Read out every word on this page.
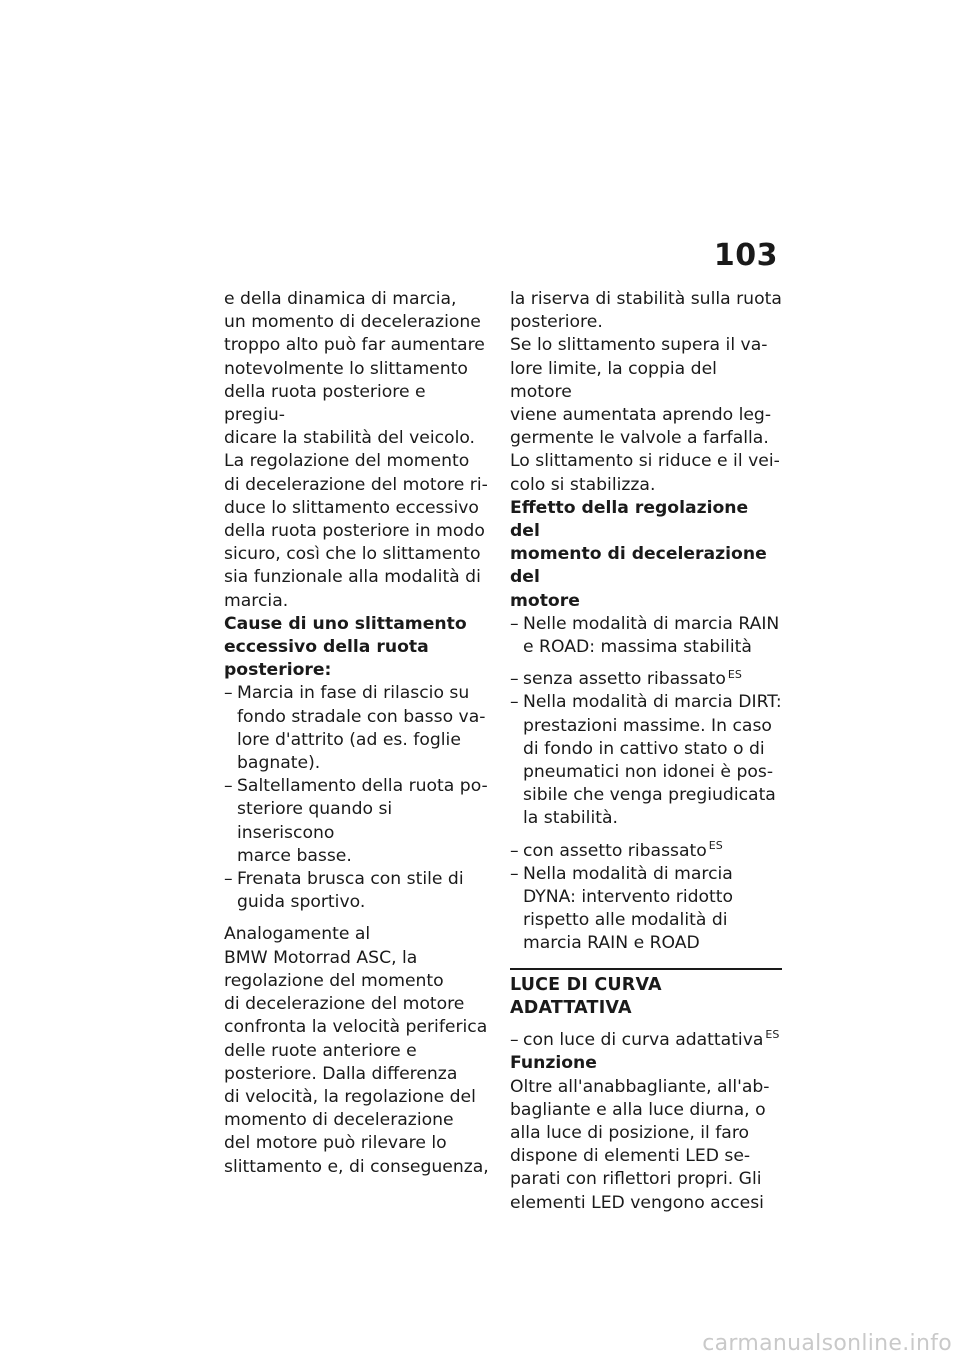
103

e della dinamica di marcia,
un momento di decelerazione
troppo alto può far aumentare
notevolmente lo slittamento
della ruota posteriore e pregiu-
dicare la stabilità del veicolo.

La regolazione del momento
di decelerazione del motore ri-
duce lo slittamento eccessivo
della ruota posteriore in modo
sicuro, così che lo slittamento
sia funzionale alla modalità di
marcia.

Cause di uno slittamento
eccessivo della ruota
posteriore:

– Marcia in fase di rilascio su
fondo stradale con basso va-
lore d'attrito (ad es. foglie
bagnate).
– Saltellamento della ruota po-
steriore quando si inseriscono
marce basse.
– Frenata brusca con stile di
guida sportivo.

Analogamente al
BMW Motorrad ASC, la
regolazione del momento
di decelerazione del motore
confronta la velocità periferica
delle ruote anteriore e
posteriore. Dalla differenza
di velocità, la regolazione del
momento di decelerazione
del motore può rilevare lo
slittamento e, di conseguenza,

la riserva di stabilità sulla ruota
posteriore.

Se lo slittamento supera il va-
lore limite, la coppia del motore
viene aumentata aprendo leg-
germente le valvole a farfalla.

Lo slittamento si riduce e il vei-
colo si stabilizza.

Effetto della regolazione del
momento di decelerazione del
motore

– Nelle modalità di marcia RAIN
e ROAD: massima stabilità
– senza assetto ribassato $^{ES}$
– Nella modalità di marcia DIRT:
prestazioni massime. In caso
di fondo in cattivo stato o di
pneumatici non idonei è pos-
sibile che venga pregiudicata
la stabilità.
– con assetto ribassato $^{ES}$
– Nella modalità di marcia
DYNA: intervento ridotto
rispetto alle modalità di
marcia RAIN e ROAD
LUCE DI CURVA ADATTATIVA
– con luce di curva adattativa $^{ES}$

Funzione

Oltre all'anabbagliante, all'ab-
bagliante e alla luce diurna, o
alla luce di posizione, il faro
dispone di elementi LED se-
parati con riflettori propri. Gli
elementi LED vengono accesi

carmanualsonline.info
